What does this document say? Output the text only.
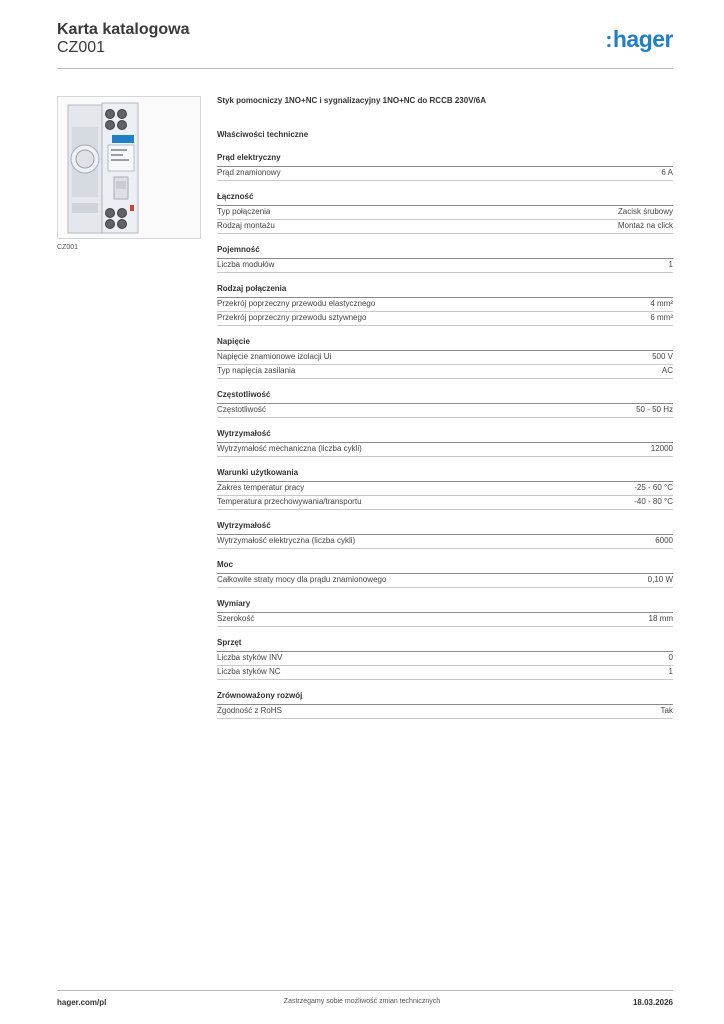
Karta katalogowa
CZ001	:hager
CZ001
Styk pomocniczy 1NO+NC i sygnalizacyjny 1NO+NC do RCCB 230V/6A
Właściwości techniczne
Prąd elektryczny
Prąd znamionowy	6 A
Łączność
Typ połączenia	Zacisk śrubowy
Rodzaj montażu	Montaż na click
Pojemność
Liczba modułów	1
Rodzaj połączenia
Przekrój poprzeczny przewodu elastycznego	4 mm²
Przekrój poprzeczny przewodu sztywnego	6 mm²
Napięcie
Napięcie znamionowe izolacji Ui	500 V
Typ napięcia zasilania	AC
Częstotliwość
Częstotliwość	50 - 50 Hz
Wytrzymałość
Wytrzymałość mechaniczna (liczba cykli)	12000
Warunki użytkowania
Zakres temperatur pracy	-25 - 60 °C
Temperatura przechowywania/transportu	-40 - 80 °C
Wytrzymałość
Wytrzymałość elektryczna (liczba cykli)	6000
Moc
Całkowite straty mocy dla prądu znamionowego	0,10 W
Wymiary
Szerokość	18 mm
Sprzęt
Liczba styków INV	0
Liczba styków NC	1
Zrównoważony rozwój
Zgodność z RoHS	Tak
hager.com/pl	Zastrzegamy sobie możliwość zmian technicznych	18.03.2026
